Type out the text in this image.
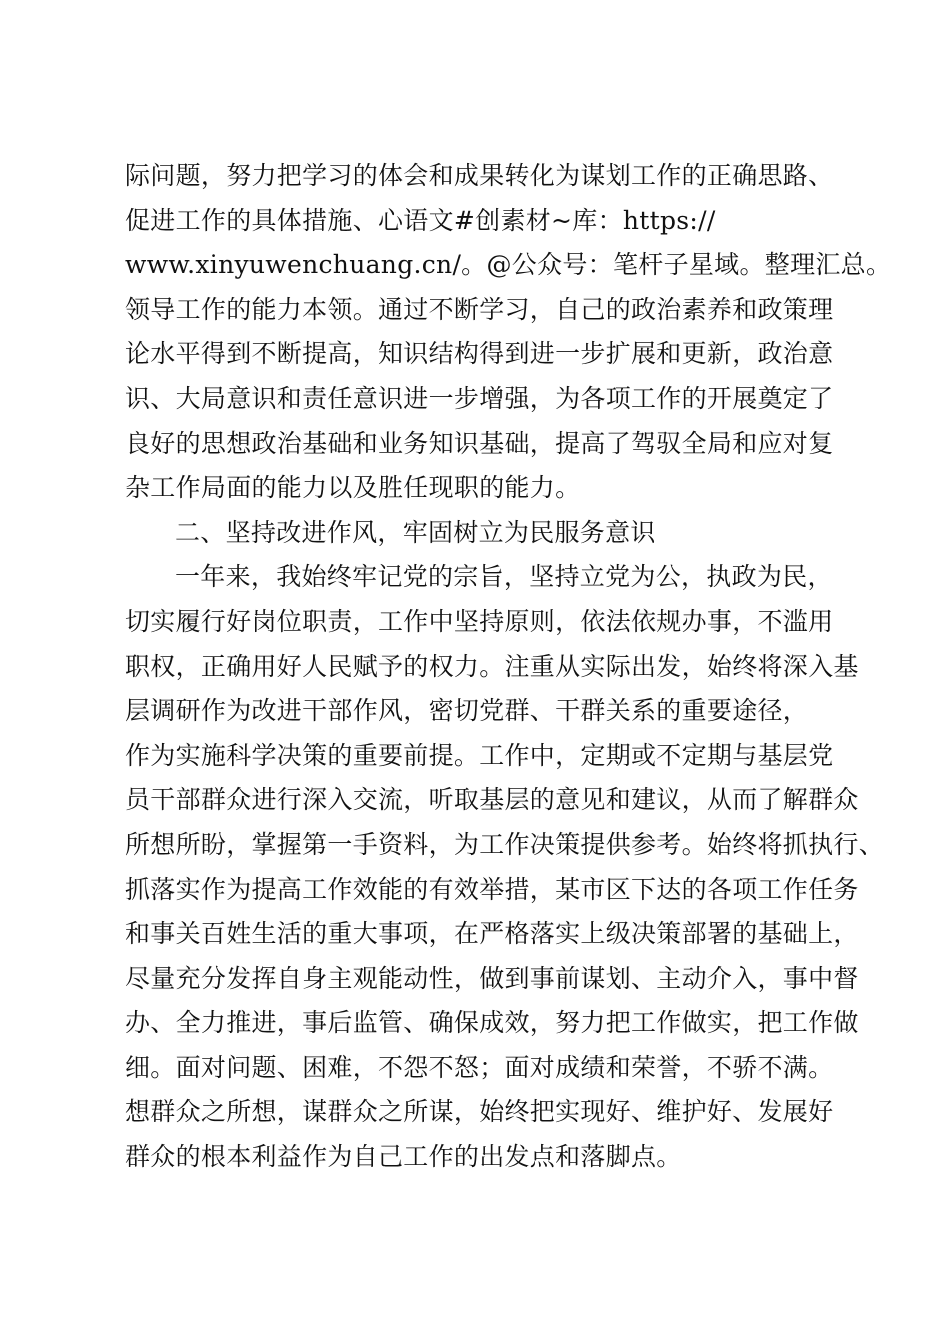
际问题，努力把学习的体会和成果转化为谋划工作的正确思路、
促进工作的具体措施、心语文#创素材~库：https://
www.xinyuwenchuang.cn/。@公众号：笔杆子星域。整理汇总。
领导工作的能力本领。通过不断学习，自己的政治素养和政策理
论水平得到不断提高，知识结构得到进一步扩展和更新，政治意
识、大局意识和责任意识进一步增强，为各项工作的开展奠定了
良好的思想政治基础和业务知识基础，提高了驾驭全局和应对复
杂工作局面的能力以及胜任现职的能力。
二、坚持改进作风，牢固树立为民服务意识
一年来，我始终牢记党的宗旨，坚持立党为公，执政为民，
切实履行好岗位职责，工作中坚持原则，依法依规办事，不滥用
职权，正确用好人民赋予的权力。注重从实际出发，始终将深入基
层调研作为改进干部作风，密切党群、干群关系的重要途径，
作为实施科学决策的重要前提。工作中，定期或不定期与基层党
员干部群众进行深入交流，听取基层的意见和建议，从而了解群众
所想所盼，掌握第一手资料，为工作决策提供参考。始终将抓执行、
抓落实作为提高工作效能的有效举措，某市区下达的各项工作任务
和事关百姓生活的重大事项，在严格落实上级决策部署的基础上，
尽量充分发挥自身主观能动性，做到事前谋划、主动介入，事中督
办、全力推进，事后监管、确保成效，努力把工作做实，把工作做
细。面对问题、困难，不怨不怒；面对成绩和荣誉，不骄不满。
想群众之所想，谋群众之所谋，始终把实现好、维护好、发展好
群众的根本利益作为自己工作的出发点和落脚点。
